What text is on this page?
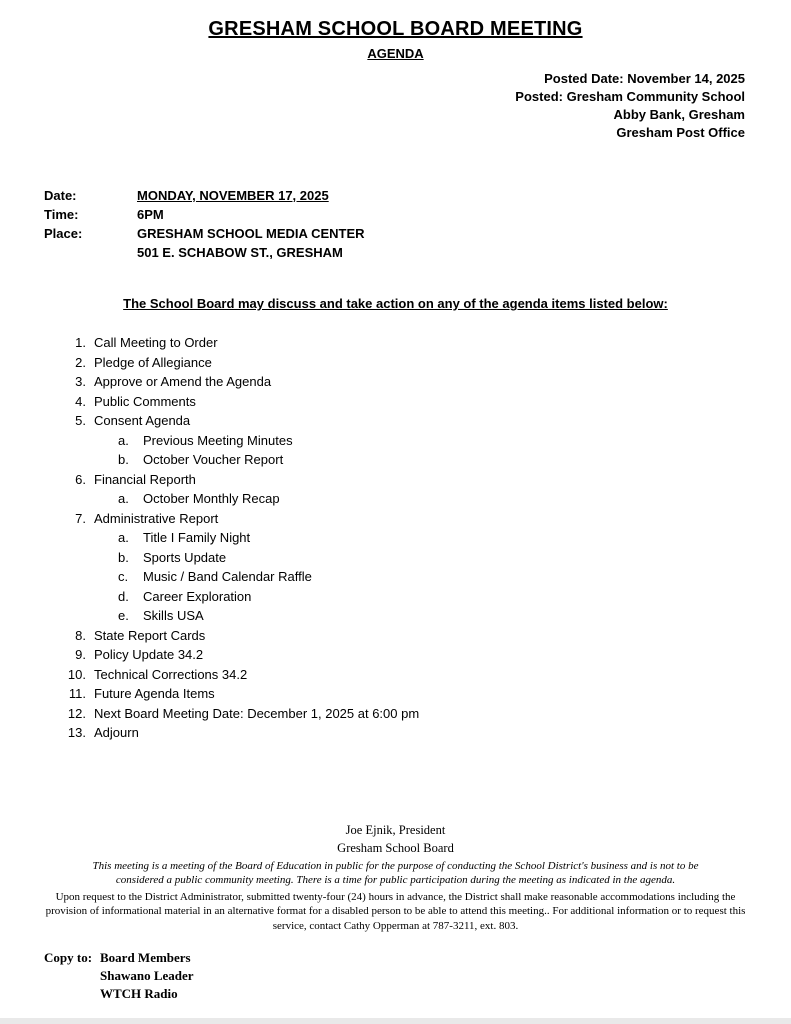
GRESHAM SCHOOL BOARD MEETING
AGENDA
Posted Date: November 14, 2025
Posted: Gresham Community School
Abby Bank, Gresham
Gresham Post Office
Date:	MONDAY, NOVEMBER 17, 2025
Time:	6PM
Place:	GRESHAM SCHOOL MEDIA CENTER
501 E. SCHABOW ST., GRESHAM
The School Board may discuss and take action on any of the agenda items listed below:
1. Call Meeting to Order
2. Pledge of Allegiance
3. Approve or Amend the Agenda
4. Public Comments
5. Consent Agenda
a.	Previous Meeting Minutes
b.	October Voucher Report
6. Financial Reporth
a.	October Monthly Recap
7. Administrative Report
a.	Title I Family Night
b.	Sports Update
c.	Music / Band Calendar Raffle
d.	Career Exploration
e.	Skills USA
8. State Report Cards
9. Policy Update 34.2
10. Technical Corrections 34.2
11. Future Agenda Items
12. Next Board Meeting Date: December 1, 2025 at 6:00 pm
13. Adjourn
Joe Ejnik, President
Gresham School Board
This meeting is a meeting of the Board of Education in public for the purpose of conducting the School District's business and is not to be considered a public community meeting. There is a time for public participation during the meeting as indicated in the agenda.
Upon request to the District Administrator, submitted twenty-four (24) hours in advance, the District shall make reasonable accommodations including the provision of informational material in an alternative format for a disabled person to be able to attend this meeting.. For additional information or to request this service, contact Cathy Opperman at 787-3211, ext. 803.
Copy to: Board Members
Shawano Leader
WTCH Radio
